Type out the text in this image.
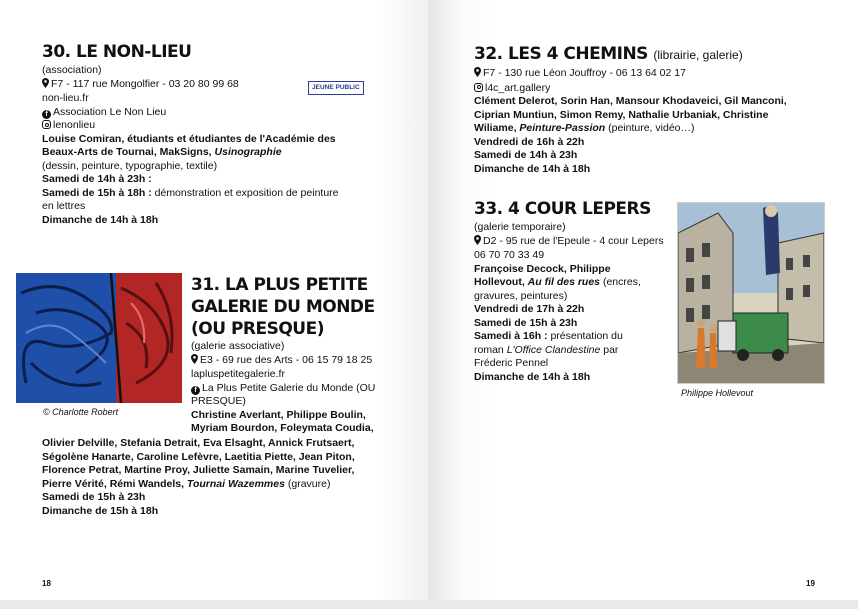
30. LE NON-LIEU
(association)
F7 - 117 rue Mongolfier - 03 20 80 99 68
non-lieu.fr
f Association Le Non Lieu
lenonlieu
Louise Comiran, étudiants et étudiantes de l'Académie des
Beaux-Arts de Tournai, MakSigns, Usinographie
(dessin, peinture, typographie, textile)
Samedi de 14h à 23h :
Samedi de 15h à 18h : démonstration et exposition de peinture
en lettres
Dimanche de 14h à 18h
JEUNE PUBLIC
© Charlotte Robert
31. LA PLUS PETITE
GALERIE DU MONDE
(OU PRESQUE)
(galerie associative)
E3 - 69 rue des Arts - 06 15 79 18 25
lapluspetitegalerie.fr
f La Plus Petite Galerie du Monde (OU
PRESQUE)
Christine Averlant, Philippe Boulin,
Myriam Bourdon, Foleymata Coudia,
Olivier Delville, Stefania Detrait, Eva Elsaght, Annick Frutsaert,
Ségolène Hanarte, Caroline Lefèvre, Laetitia Piette, Jean Piton,
Florence Petrat, Martine Proy, Juliette Samain, Marine Tuvelier,
Pierre Vérité, Rémi Wandels, Tournai Wazemmes (gravure)
Samedi de 15h à 23h
Dimanche de 15h à 18h
18
32. LES 4 CHEMINS (librairie, galerie)
F7 - 130 rue Léon Jouffroy - 06 13 64 02 17
l4c_art.gallery
Clément Delerot, Sorin Han, Mansour Khodaveici, Gil Manconi,
Ciprian Muntiun, Simon Remy, Nathalie Urbaniak, Christine
Wiliame, Peinture-Passion (peinture, vidéo…)
Vendredi de 16h à 22h
Samedi de 14h à 23h
Dimanche de 14h à 18h
33. 4 COUR LEPERS
(galerie temporaire)
D2 - 95 rue de l'Epeule - 4 cour Lepers
06 70 70 33 49
Françoise Decock, Philippe
Hollevout, Au fil des rues (encres,
gravures, peintures)
Vendredi de 17h à 22h
Samedi de 15h à 23h
Samedi à 16h : présentation du
roman L'Office Clandestine par
Fréderic Pennel
Dimanche de 14h à 18h
Philippe Hollevout
19
